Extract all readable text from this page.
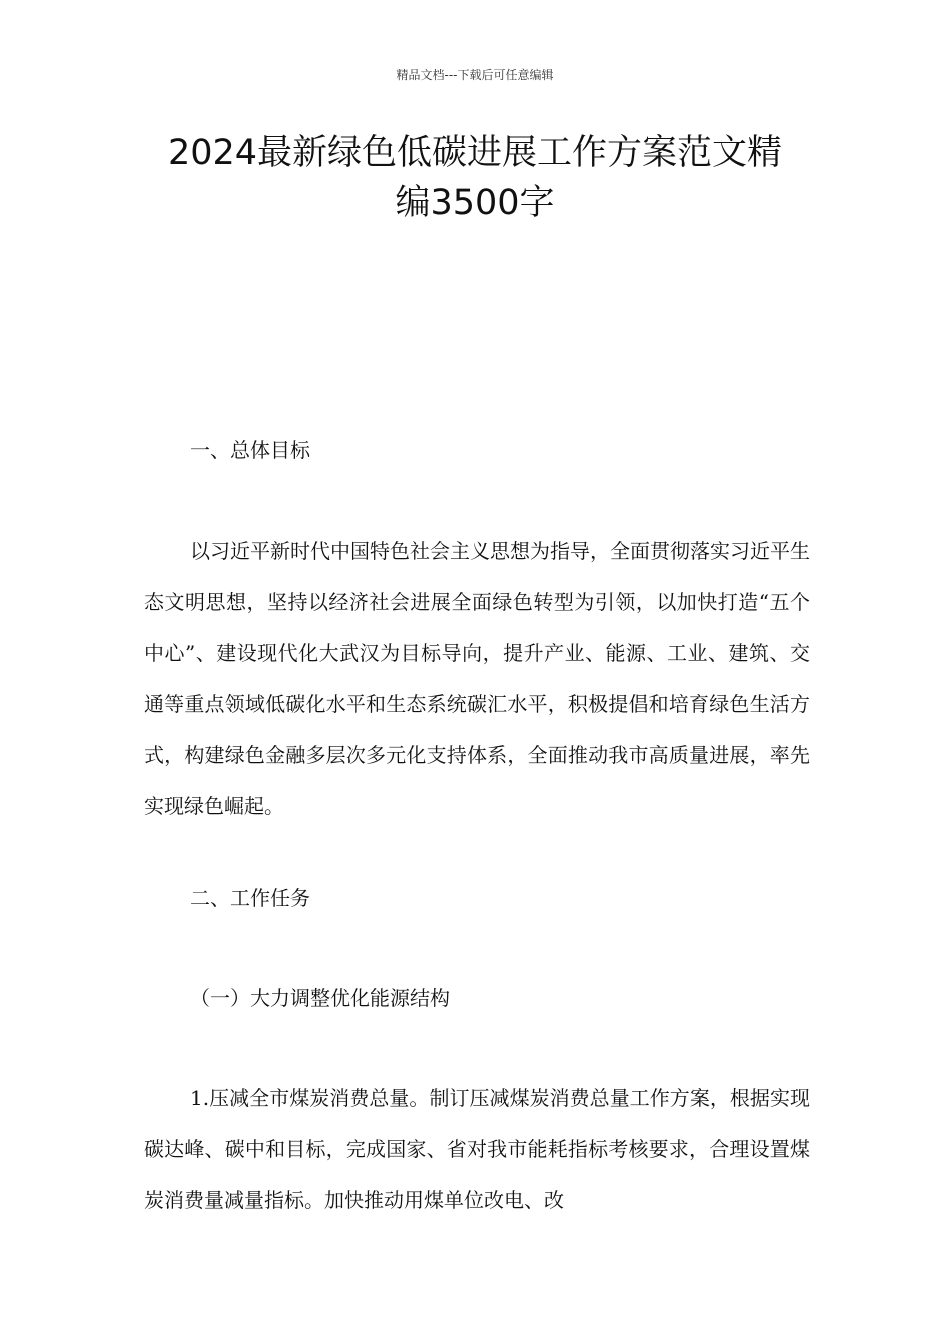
精品文档---下载后可任意编辑
2024最新绿色低碳进展工作方案范文精
编3500字
一、总体目标

以习近平新时代中国特色社会主义思想为指导，全面贯彻落实习近平生态文明思想，坚持以经济社会进展全面绿色转型为引领，以加快打造“五个中心”、建设现代化大武汉为目标导向，提升产业、能源、工业、建筑、交通等重点领域低碳化水平和生态系统碳汇水平，积极提倡和培育绿色生活方式，构建绿色金融多层次多元化支持体系，全面推动我市高质量进展，率先实现绿色崛起。

二、工作任务
（一）大力调整优化能源结构

1.压减全市煤炭消费总量。制订压减煤炭消费总量工作方案，根据实现碳达峰、碳中和目标，完成国家、省对我市能耗指标考核要求，合理设置煤炭消费量减量指标。加快推动用煤单位改电、改
